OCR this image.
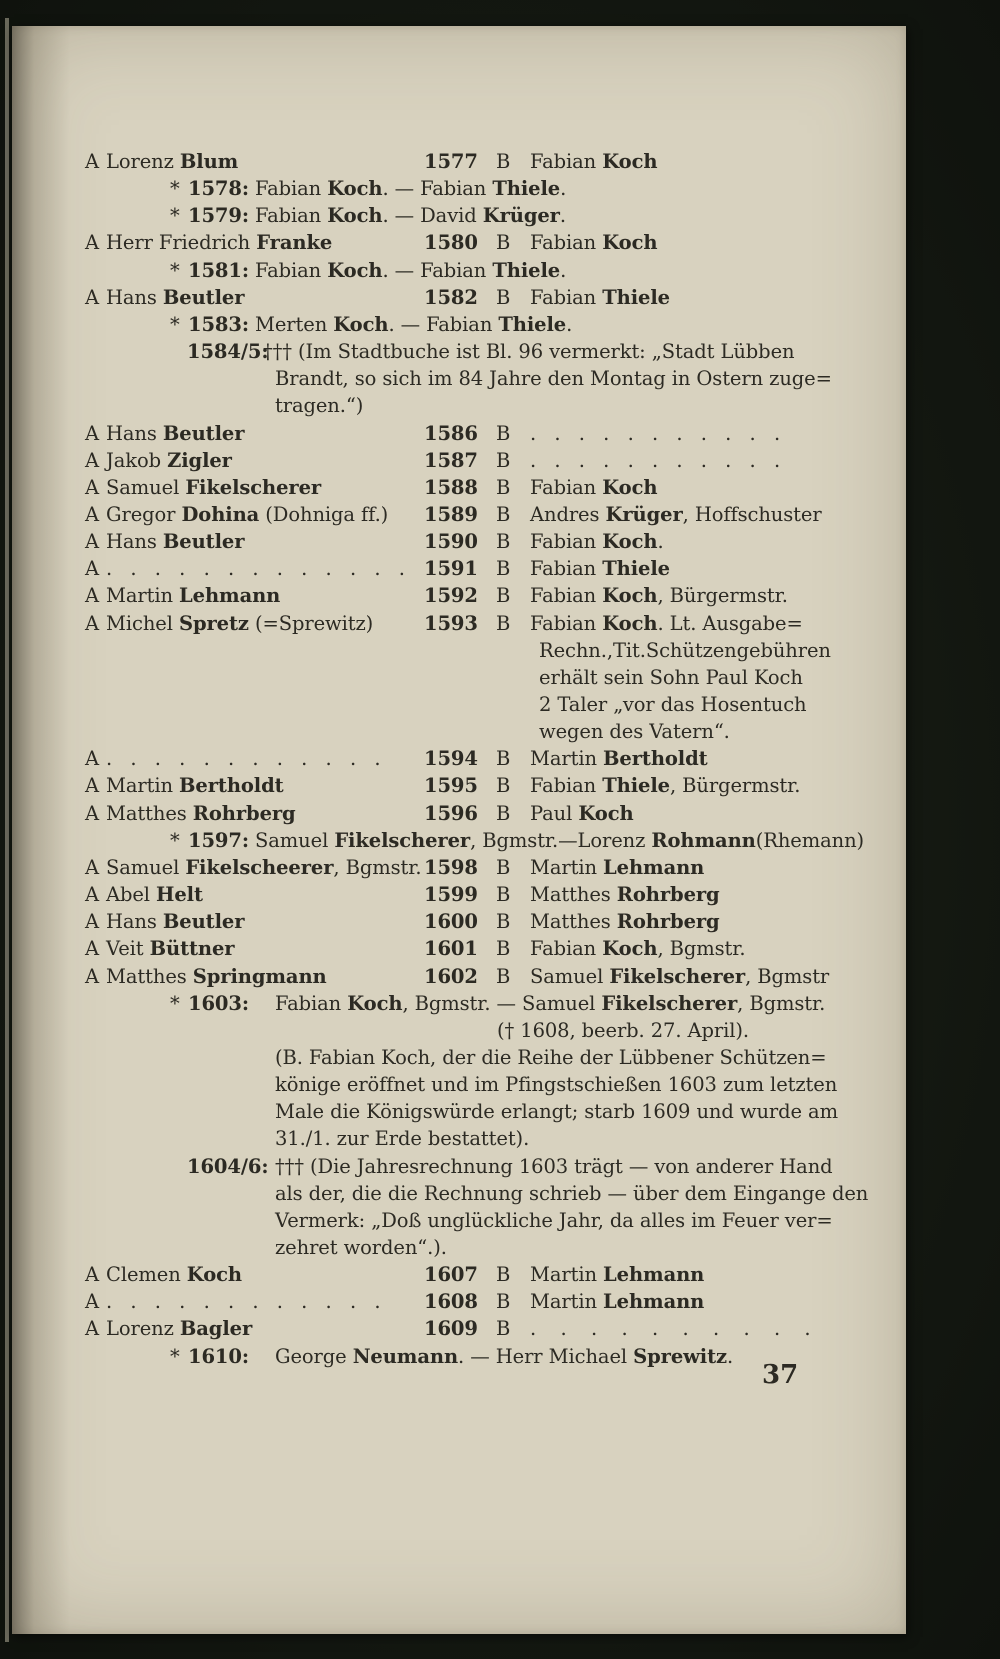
A Lorenz Blum	1577 B Fabian Koch
* 1578: Fabian Koch. — Fabian Thiele.
* 1579: Fabian Koch. — David Krüger.
A Herr Friedrich Franke	1580 B Fabian Koch
* 1581: Fabian Koch. — Fabian Thiele.
A Hans Beutler	1582 B Fabian Thiele
* 1583: Merten Koch. — Fabian Thiele.
1584/5:
††† (Im Stadtbuche ist Bl. 96 vermerkt: „Stadt Lübben
Brandt, so sich im 84 Jahre den Montag in Ostern zuge=
tragen.“)
A Hans Beutler	1586 B .   .   .   .   .   .   .   .   .   .   .
A Jakob Zigler	1587 B .   .   .   .   .   .   .   .   .   .   .
A Samuel Fikelscherer	1588 B Fabian Koch
A Gregor Dohina (Dohniga ff.) 1589 B Andres Krüger, Hoffschuster
A Hans Beutler	1590 B Fabian Koch.
A .   .   .   .   .   .   .   .   .   .   .   .   . 1591 B Fabian Thiele
A Martin Lehmann	1592 B Fabian Koch, Bürgermstr.
A Michel Spretz (=Sprewitz)	1593 B Fabian Koch. Lt. Ausgabe=
Rechn.,Tit.Schützengebühren
erhält sein Sohn Paul Koch
2 Taler „vor das Hosentuch
wegen des Vatern“.
A .   .   .   .   .   .   .   .   .   .   .   . 1594 B Martin Bertholdt
A Martin Bertholdt	1595 B Fabian Thiele, Bürgermstr.
A Matthes Rohrberg	1596 B Paul Koch
* 1597: Samuel Fikelscherer, Bgmstr.—Lorenz Rohmann(Rhemann)
A Samuel Fikelscheerer, Bgmstr. 1598 B Martin Lehmann
A Abel Helt	1599 B Matthes Rohrberg
A Hans Beutler	1600 B Matthes Rohrberg
A Veit Büttner	1601 B Fabian Koch, Bgmstr.
A Matthes Springmann	1602 B Samuel Fikelscherer, Bgmstr
* 1603: Fabian Koch, Bgmstr. — Samuel Fikelscherer, Bgmstr.
(† 1608, beerb. 27. April).
(B. Fabian Koch, der die Reihe der Lübbener Schützen=
könige eröffnet und im Pfingstschießen 1603 zum letzten
Male die Königswürde erlangt; starb 1609 und wurde am
31./1. zur Erde bestattet).
1604/6: ††† (Die Jahresrechnung 1603 trägt — von anderer Hand
als der, die die Rechnung schrieb — über dem Eingange den
Vermerk: „Doß unglückliche Jahr, da alles im Feuer ver=
zehret worden“.).
A Clemen Koch	1607 B Martin Lehmann
A .   .   .   .   .   .   .   .   .   .   .   . 1608 B Martin Lehmann
A Lorenz Bagler	1609 B .    .    .    .    .    .    .    .    .    .
* 1610: George Neumann. — Herr Michael Sprewitz.
37
